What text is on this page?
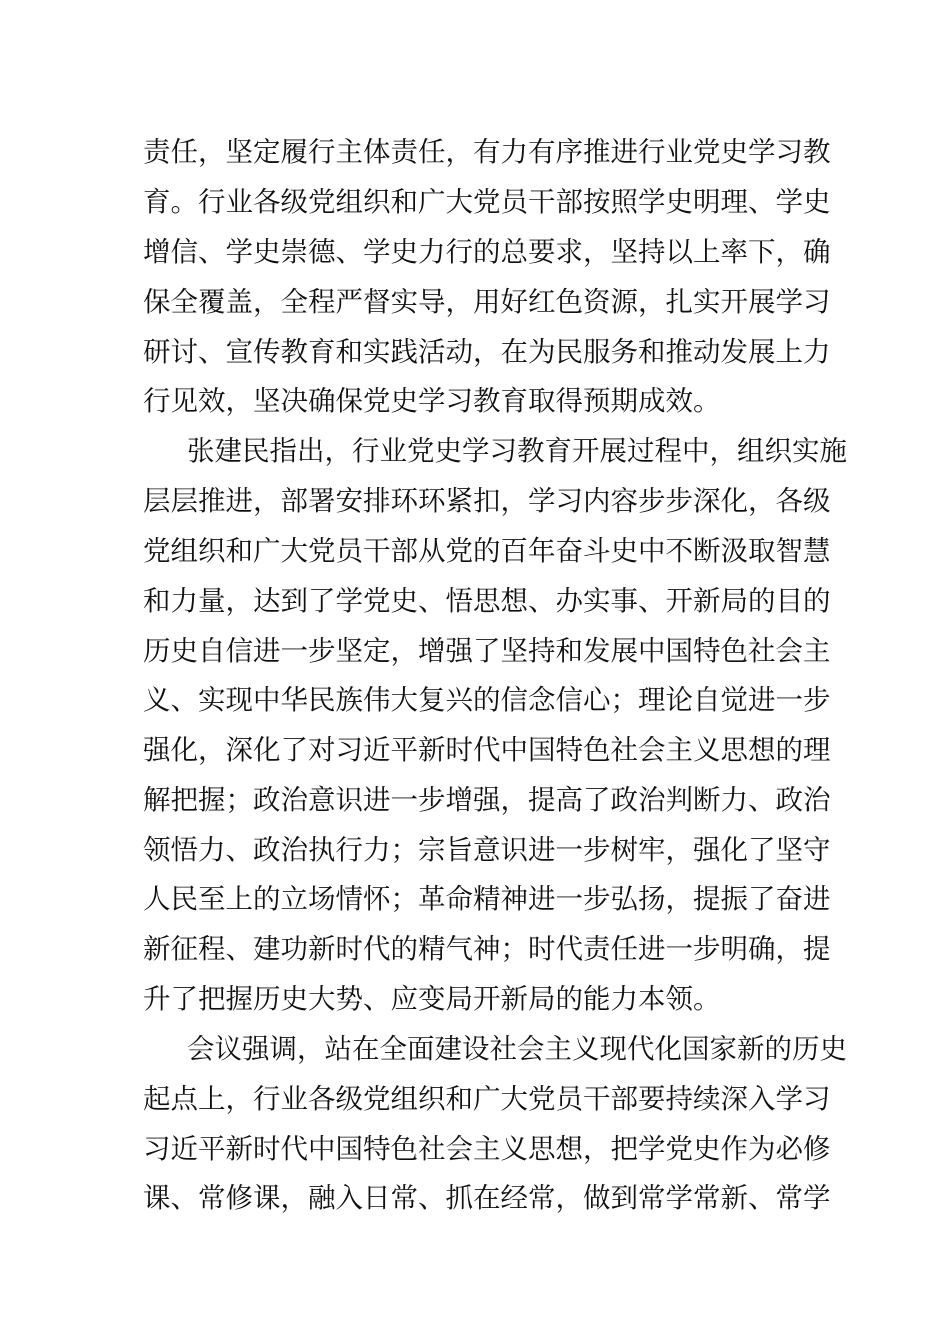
责任，坚定履行主体责任，有力有序推进行业党史学习教
育。行业各级党组织和广大党员干部按照学史明理、学史
增信、学史崇德、学史力行的总要求，坚持以上率下，确
保全覆盖，全程严督实导，用好红色资源，扎实开展学习
研讨、宣传教育和实践活动，在为民服务和推动发展上力
行见效，坚决确保党史学习教育取得预期成效。
张建民指出，行业党史学习教育开展过程中，组织实施
层层推进，部署安排环环紧扣，学习内容步步深化，各级
党组织和广大党员干部从党的百年奋斗史中不断汲取智慧
和力量，达到了学党史、悟思想、办实事、开新局的目的
历史自信进一步坚定，增强了坚持和发展中国特色社会主
义、实现中华民族伟大复兴的信念信心；理论自觉进一步
强化，深化了对习近平新时代中国特色社会主义思想的理
解把握；政治意识进一步增强，提高了政治判断力、政治
领悟力、政治执行力；宗旨意识进一步树牢，强化了坚守
人民至上的立场情怀；革命精神进一步弘扬，提振了奋进
新征程、建功新时代的精气神；时代责任进一步明确，提
升了把握历史大势、应变局开新局的能力本领。
会议强调，站在全面建设社会主义现代化国家新的历史
起点上，行业各级党组织和广大党员干部要持续深入学习
习近平新时代中国特色社会主义思想，把学党史作为必修
课、常修课，融入日常、抓在经常，做到常学常新、常学
